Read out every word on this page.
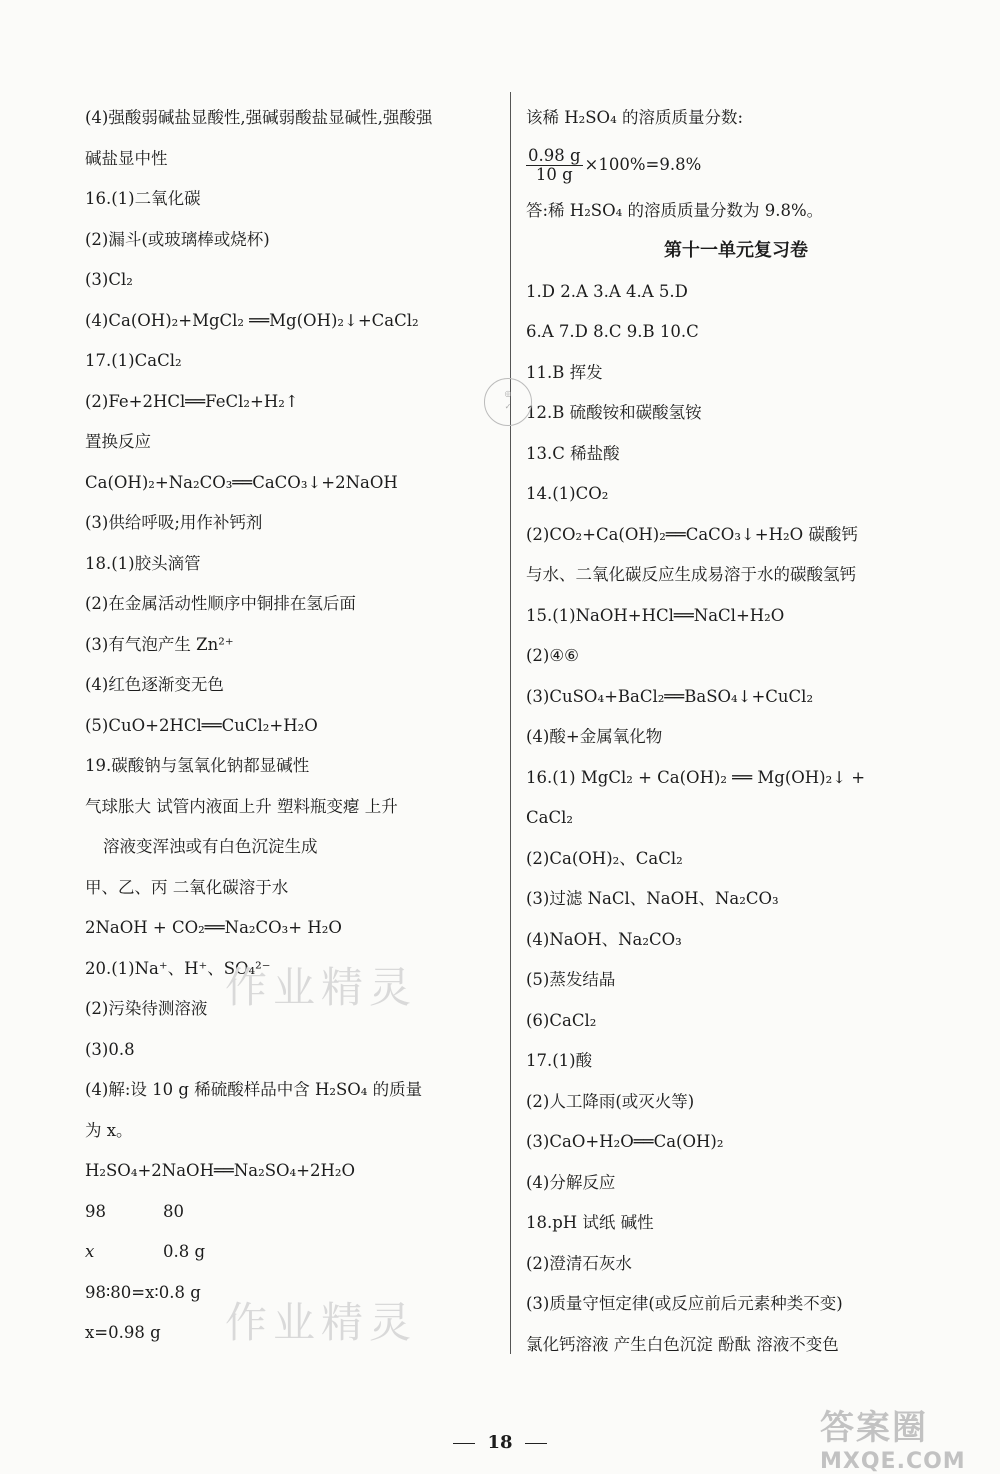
(4)强酸弱碱盐显酸性,强碱弱酸盐显碱性,强酸强
碱盐显中性
16.(1)二氧化碳
(2)漏斗(或玻璃棒或烧杯)
(3)Cl₂
(4)Ca(OH)₂+MgCl₂ ══Mg(OH)₂↓+CaCl₂
17.(1)CaCl₂
(2)Fe+2HCl══FeCl₂+H₂↑
置换反应
Ca(OH)₂+Na₂CO₃══CaCO₃↓+2NaOH
(3)供给呼吸;用作补钙剂
18.(1)胶头滴管
(2)在金属活动性顺序中铜排在氢后面
(3)有气泡产生 Zn²⁺
(4)红色逐渐变无色
(5)CuO+2HCl══CuCl₂+H₂O
19.碳酸钠与氢氧化钠都显碱性
气球胀大 试管内液面上升 塑料瓶变瘪 上升
溶液变浑浊或有白色沉淀生成
甲、乙、丙 二氧化碳溶于水
2NaOH + CO₂══Na₂CO₃+ H₂O
20.(1)Na⁺、H⁺、SO₄²⁻
(2)污染待测溶液
(3)0.8
(4)解:设 10 g 稀硫酸样品中含 H₂SO₄ 的质量
为 x。
H₂SO₄+2NaOH══Na₂SO₄+2H₂O
98	80
x	0.8 g
98∶80=x∶0.8 g
x=0.98 g
该稀 H₂SO₄ 的溶质质量分数:
$\frac{0.98 g}{10 g} \times 100\%=9.8\%$
答:稀 H₂SO₄ 的溶质质量分数为 9.8%。
第十一单元复习卷
1.D 2.A 3.A 4.A 5.D
6.A 7.D 8.C 9.B 10.C
11.B 挥发
12.B 硫酸铵和碳酸氢铵
13.C 稀盐酸
14.(1)CO₂
(2)CO₂+Ca(OH)₂══CaCO₃↓+H₂O 碳酸钙
与水、二氧化碳反应生成易溶于水的碳酸氢钙
15.(1)NaOH+HCl══NaCl+H₂O
(2)④⑥
(3)CuSO₄+BaCl₂══BaSO₄↓+CuCl₂
(4)酸+金属氧化物
16.(1) MgCl₂ + Ca(OH)₂ ══ Mg(OH)₂↓ +
CaCl₂
(2)Ca(OH)₂、CaCl₂
(3)过滤 NaCl、NaOH、Na₂CO₃
(4)NaOH、Na₂CO₃
(5)蒸发结晶
(6)CaCl₂
17.(1)酸
(2)人工降雨(或灭火等)
(3)CaO+H₂O══Ca(OH)₂
(4)分解反应
18.pH 试纸 碱性
(2)澄清石灰水
(3)质量守恒定律(或反应前后元素种类不变)
氯化钙溶液 产生白色沉淀 酚酞 溶液不变色
作业精灵
作业精灵
◎
✓
18	答案圈
MXQE.COM
